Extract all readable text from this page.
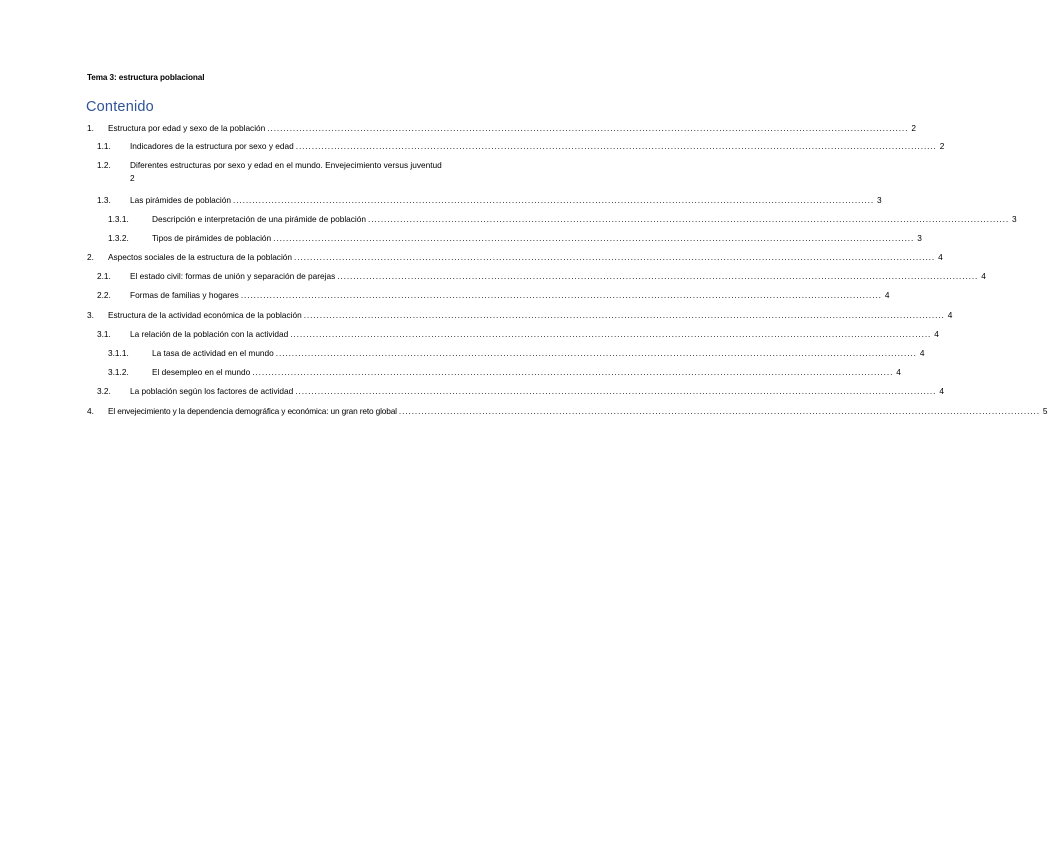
Tema 3: estructura poblacional
Contenido
1. Estructura por edad y sexo de la población ........................................................................................................................................................................................................ 2
1.1. Indicadores de la estructura por sexo y edad ........................................................................................................................................................................................................ 2
1.2. Diferentes estructuras por sexo y edad en el mundo. Envejecimiento versus juventud
2
1.3. Las pirámides de población ........................................................................................................................................................................................................ 3
1.3.1.	Descripción e interpretación de una pirámide de población ........................................................................................................................................................................................................ 3
1.3.2.	Tipos de pirámides de población ........................................................................................................................................................................................................ 3
2. Aspectos sociales de la estructura de la población ........................................................................................................................................................................................................ 4
2.1. El estado civil: formas de unión y separación de parejas ........................................................................................................................................................................................................ 4
2.2. Formas de familias y hogares ........................................................................................................................................................................................................ 4
3. Estructura de la actividad económica de la población ........................................................................................................................................................................................................ 4
3.1. La relación de la población con la actividad ........................................................................................................................................................................................................ 4
3.1.1.	La tasa de actividad en el mundo ........................................................................................................................................................................................................ 4
3.1.2.	El desempleo en el mundo ........................................................................................................................................................................................................ 4
3.2. La población según los factores de actividad ........................................................................................................................................................................................................ 4
4. El envejecimiento y la dependencia demográfica y económica: un gran reto global ........................................................................................................................................................................................................ 5
